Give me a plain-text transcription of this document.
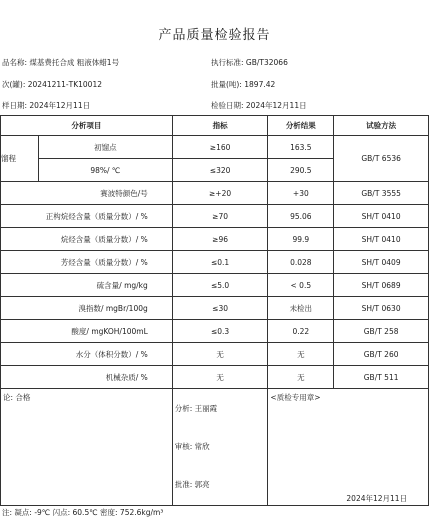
产品质量检验报告
品名称: 煤基费托合成 粗液体蜡1号	执行标准: GB/T32066
次(罐): 20241211-TK10012	批量(吨): 1897.42
样日期: 2024年12月11日	检验日期: 2024年12月11日
分析项目		指标	分析结果	试验方法
馏程	初馏点	≥160	163.5	GB/T 6536
	98%/ ℃	≤320	290.5	
赛波特颜色/号		≥+20	+30	GB/T 3555
正构烷烃含量（质量分数）/ %		≥70	95.06	SH/T 0410
烷烃含量（质量分数）/ %		≥96	99.9	SH/T 0410
芳烃含量（质量分数）/ %		≤0.1	0.028	SH/T 0409
硫含量/ mg/kg		≤5.0	< 0.5	SH/T 0689
溴指数/ mgBr/100g		≤30	未检出	SH/T 0630
酸度/ mgKOH/100mL		≤0.3	0.22	GB/T 258
水分（体积分数）/ %		无	无	GB/T 260
机械杂质/ %		无	无	GB/T 511

论: 合格		分析: 王丽霞
审核: 常欣
批准: 郭亮	<质检专用章>
2024年12月11日	
注: 凝点: -9℃ 闪点: 60.5℃ 密度: 752.6kg/m³
